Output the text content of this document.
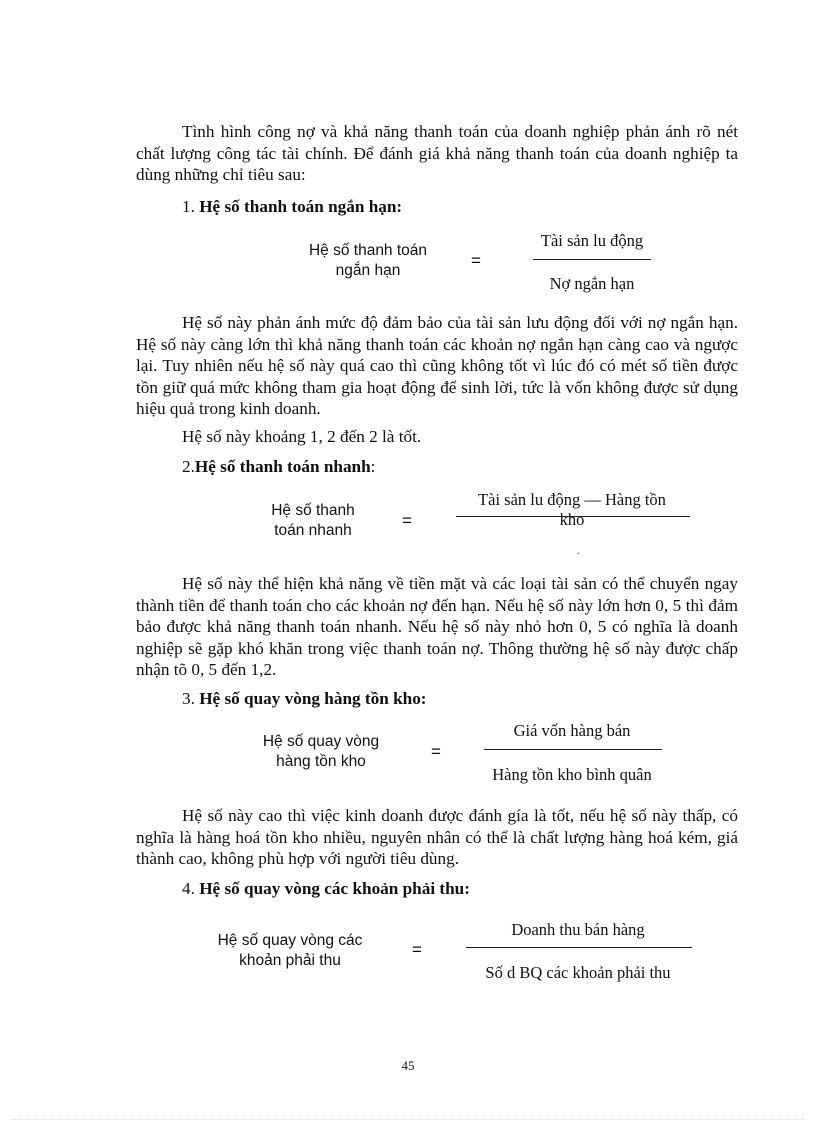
Tình hình công nợ và khả năng thanh toán của doanh nghiệp phản ánh rõ nét chất lượng công tác tài chính. Để đánh giá khả năng thanh toán của doanh nghiệp ta dùng những chỉ tiêu sau:

1. Hệ số thanh toán ngắn hạn:
Hệ số thanh toán
ngắn hạn
=
Tài sản lu động
Nợ ngắn hạn

Hệ số này phản ánh mức độ đảm bảo của tài sản lưu động đối với nợ ngắn hạn. Hệ số này càng lớn thì khả năng thanh toán các khoản nợ ngắn hạn càng cao và ngược lại. Tuy nhiên nếu hệ số này quá cao thì cũng không tốt vì lúc đó có mét số tiền được tồn giữ quá mức không tham gia hoạt động để sinh lời, tức là vốn không được sử dụng hiệu quả trong kinh doanh.

Hệ số này khoảng 1, 2 đến 2 là tốt.

2.Hệ số thanh toán nhanh:
Hệ số thanh
toán nhanh
=
Tài sản lu động — Hàng tồn
kho
ˇ

Hệ số này thể hiện khả năng về tiền mặt và các loại tài sản có thể chuyển ngay thành tiền để thanh toán cho các khoản nợ đến hạn. Nếu hệ số này lớn hơn 0, 5 thì đảm bảo được khả năng thanh toán nhanh. Nếu hệ số này nhỏ hơn 0, 5 có nghĩa là doanh nghiệp sẽ gặp khó khăn trong việc thanh toán nợ. Thông thường hệ số này được chấp nhận tõ 0, 5 đến 1,2.

3. Hệ số quay vòng hàng tồn kho:
Hệ số quay vòng
hàng tồn kho
=
Giá vốn hàng bán
Hàng tồn kho bình quân

Hệ số này cao thì việc kinh doanh được đánh gía là tốt, nếu hệ số này thấp, có nghĩa là hàng hoá tồn kho nhiều, nguyên nhân có thể là chất lượng hàng hoá kém, giá thành cao, không phù hợp với người tiêu dùng.

4. Hệ số quay vòng các khoản phải thu:
Hệ số quay vòng các
khoản phải thu
=
Doanh thu bán hàng
Số d BQ các khoản phải thu
45
